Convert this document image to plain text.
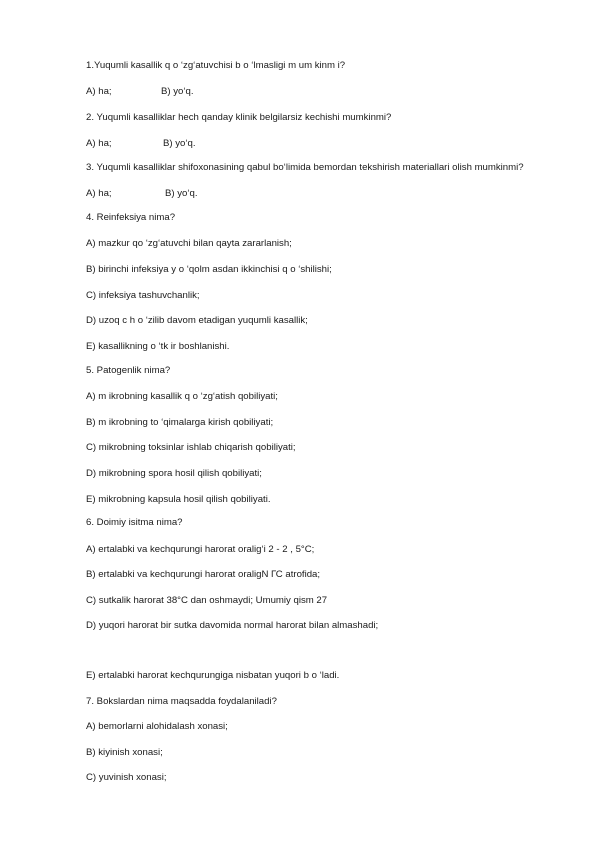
1.Yuqumli kasallik q o ‘zg‘atuvchisi b o ‘lmasligi m um kinm i?
A) ha;	B) yo‘q.
2. Yuqumli kasalliklar hech qanday klinik belgilarsiz kechishi mumkinmi?
A) ha;	B) yo‘q.
3. Yuqumli kasalliklar shifoxonasining qabul bo‘limida bemordan tekshirish materiallari olish mumkinmi?
A) ha;	B) yo‘q.
4. Reinfeksiya nima?
A) mazkur qo ‘zg‘atuvchi bilan qayta zararlanish;
B) birinchi infeksiya y o ‘qolm asdan ikkinchisi q o ‘shilishi;
C) infeksiya tashuvchanlik;
D) uzoq c h o ‘zilib davom etadigan yuqumli kasallik;
E) kasallikning o ‘tk ir boshlanishi.
5. Patogenlik nima?
A) m ikrobning kasallik q o ‘zg‘atish qobiliyati;
B) m ikrobning to ‘qimalarga kirish qobiliyati;
C) mikrobning toksinlar ishlab chiqarish qobiliyati;
D) mikrobning spora hosil qilish qobiliyati;
E) mikrobning kapsula hosil qilish qobiliyati.
6. Doimiy isitma nima?
A) ertalabki va kechqurungi harorat oralig‘i 2 - 2 , 5°C;
B) ertalabki va kechqurungi harorat oraligN ГС atrofida;
C) sutkalik harorat 38°C dan oshmaydi; Umumiy qism 27
D) yuqori harorat bir sutka davomida normal harorat bilan almashadi;
E) ertalabki harorat kechqurungiga nisbatan yuqori b o ‘ladi.
7. Bokslardan nima maqsadda foydalaniladi?
A) bemorlarni alohidalash xonasi;
B) kiyinish xonasi;
C) yuvinish xonasi;
